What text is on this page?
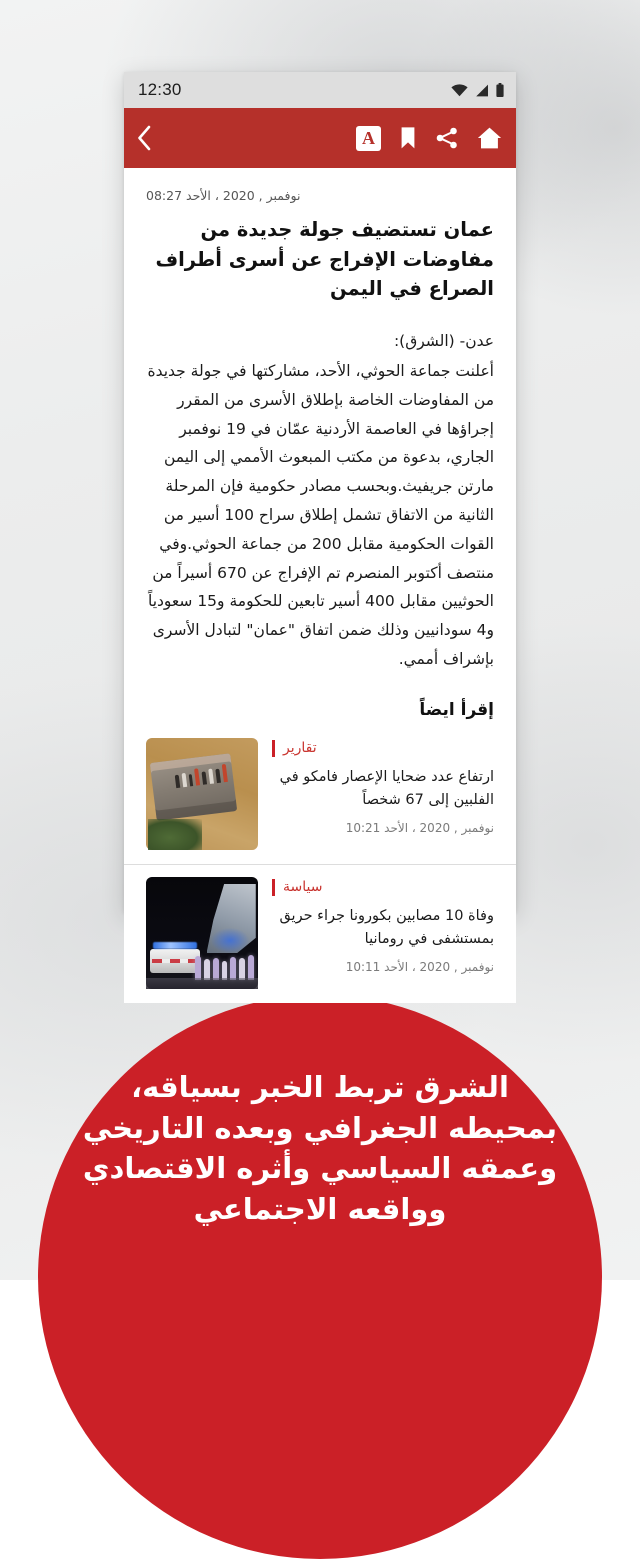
12:30
A
نوفمبر , 2020 ، الأحد 08:27
عمان تستضيف جولة جديدة من مفاوضات الإفراج عن أسرى أطراف الصراع في اليمن

عدن- (الشرق):

أعلنت جماعة الحوثي، الأحد، مشاركتها في جولة جديدة من المفاوضات الخاصة بإطلاق الأسرى من المقرر إجراؤها في العاصمة الأردنية عمّان في 19 نوفمبر الجاري، بدعوة من مكتب المبعوث الأممي إلى اليمن مارتن جريفيث.وبحسب مصادر حكومية فإن المرحلة الثانية من الاتفاق تشمل إطلاق سراح 100 أسير من القوات الحكومية مقابل 200 من جماعة الحوثي.وفي منتصف أكتوبر المنصرم تم الإفراج عن 670 أسيراً من الحوثيين مقابل 400 أسير تابعين للحكومة و15 سعودياً و4 سودانيين وذلك ضمن اتفاق "عمان" لتبادل الأسرى بإشراف أممي.

إقرأ ايضاً
تقارير
ارتفاع عدد ضحايا الإعصار فامكو في الفلبين إلى 67 شخصاً
نوفمبر , 2020 ، الأحد 10:21
سياسة
وفاة 10 مصابين بكورونا جراء حريق بمستشفى في رومانيا
نوفمبر , 2020 ، الأحد 10:11
الشرق تربط الخبر بسياقه، بمحيطه الجغرافي وبعده التاريخي وعمقه السياسي وأثره الاقتصادي وواقعه الاجتماعي
